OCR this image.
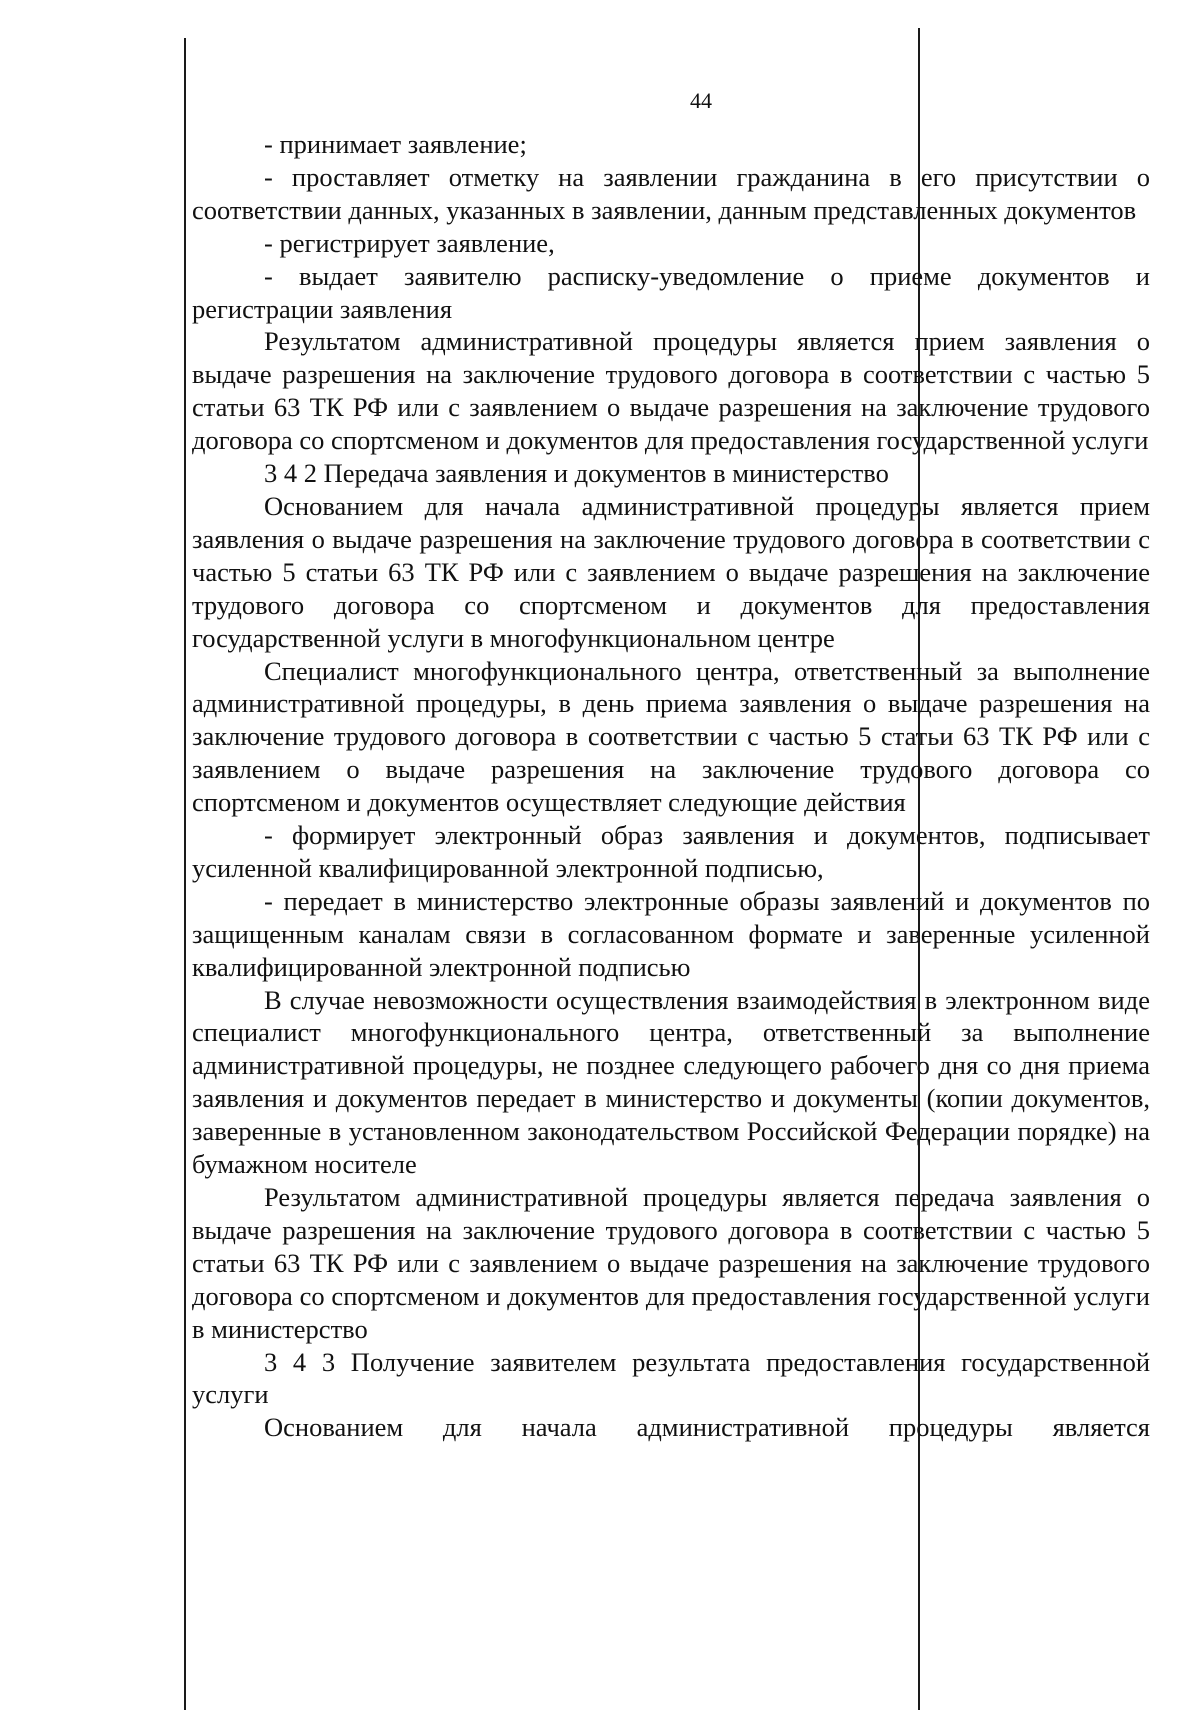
44

- принимает заявление;

- проставляет отметку на заявлении гражданина в его присутствии о соответствии данных, указанных в заявлении, данным представленных документов

- регистрирует заявление,

- выдает заявителю расписку-уведомление о приеме документов и регистрации заявления

Результатом административной процедуры является прием заявления о выдаче разрешения на заключение трудового договора в соответствии с частью 5 статьи 63 ТК РФ или с заявлением о выдаче разрешения на заключение трудового договора со спортсменом и документов для предоставления государственной услуги

3 4 2 Передача заявления и документов в министерство

Основанием для начала административной процедуры является прием заявления о выдаче разрешения на заключение трудового договора в соответствии с частью 5 статьи 63 ТК РФ или с заявлением о выдаче разрешения на заключение трудового договора со спортсменом и документов для предоставления государственной услуги в многофункциональном центре

Специалист многофункционального центра, ответственный за выполнение административной процедуры, в день приема заявления о выдаче разрешения на заключение трудового договора в соответствии с частью 5 статьи 63 ТК РФ или с заявлением о выдаче разрешения на заключение трудового договора со спортсменом и документов осуществляет следующие действия

- формирует электронный образ заявления и документов, подписывает усиленной квалифицированной электронной подписью,

- передает в министерство электронные образы заявлений и документов по защищенным каналам связи в согласованном формате и заверенные усиленной квалифицированной электронной подписью

В случае невозможности осуществления взаимодействия в электронном виде специалист многофункционального центра, ответственный за выполнение административной процедуры, не позднее следующего рабочего дня со дня приема заявления и документов передает в министерство и документы (копии документов, заверенные в установленном законодательством Российской Федерации порядке) на бумажном носителе

Результатом административной процедуры является передача заявления о выдаче разрешения на заключение трудового договора в соответствии с частью 5 статьи 63 ТК РФ или с заявлением о выдаче разрешения на заключение трудового договора со спортсменом и документов для предоставления государственной услуги в министерство

3 4 3 Получение заявителем результата предоставления государственной услуги

Основанием для начала административной процедуры является
